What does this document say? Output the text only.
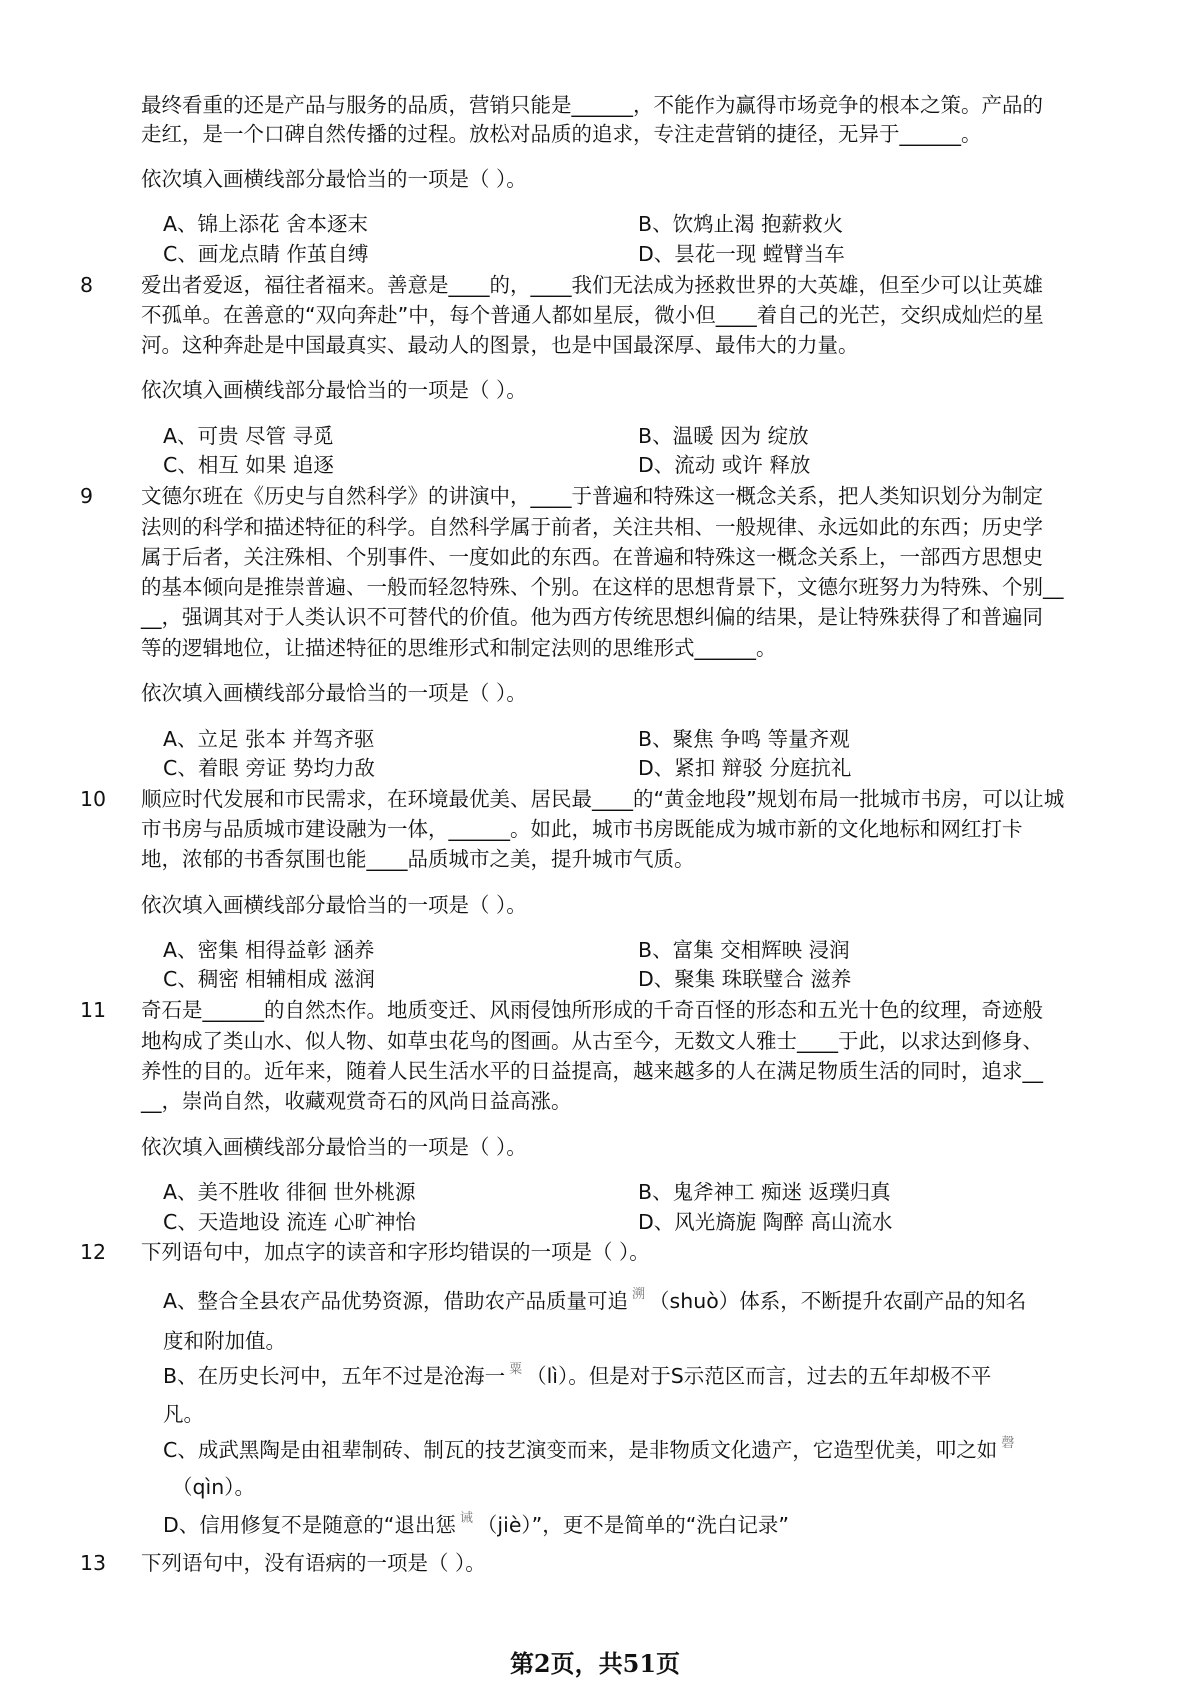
最终看重的还是产品与服务的品质，营销只能是______，不能作为赢得市场竞争的根本之策。产品的
走红，是一个口碑自然传播的过程。放松对品质的追求，专注走营销的捷径，无异于______。
依次填入画横线部分最恰当的一项是（ ）。
A、锦上添花 舍本逐末	B、饮鸩止渴 抱薪救火
C、画龙点睛 作茧自缚	D、昙花一现 螳臂当车
8 爱出者爱返，福往者福来。善意是____的，____我们无法成为拯救世界的大英雄，但至少可以让英雄
不孤单。在善意的“双向奔赴”中，每个普通人都如星辰，微小但____着自己的光芒，交织成灿烂的星
河。这种奔赴是中国最真实、最动人的图景，也是中国最深厚、最伟大的力量。
依次填入画横线部分最恰当的一项是（ ）。
A、可贵 尽管 寻觅	B、温暖 因为 绽放
C、相互 如果 追逐	D、流动 或许 释放
9 文德尔班在《历史与自然科学》的讲演中，____于普遍和特殊这一概念关系，把人类知识划分为制定
法则的科学和描述特征的科学。自然科学属于前者，关注共相、一般规律、永远如此的东西；历史学
属于后者，关注殊相、个别事件、一度如此的东西。在普遍和特殊这一概念关系上，一部西方思想史
的基本倾向是推崇普遍、一般而轻忽特殊、个别。在这样的思想背景下，文德尔班努力为特殊、个别__
__，强调其对于人类认识不可替代的价值。他为西方传统思想纠偏的结果，是让特殊获得了和普遍同
等的逻辑地位，让描述特征的思维形式和制定法则的思维形式______。
依次填入画横线部分最恰当的一项是（ ）。
A、立足 张本 并驾齐驱	B、聚焦 争鸣 等量齐观
C、着眼 旁证 势均力敌	D、紧扣 辩驳 分庭抗礼
10 顺应时代发展和市民需求，在环境最优美、居民最____的“黄金地段”规划布局一批城市书房，可以让城
市书房与品质城市建设融为一体，______。如此，城市书房既能成为城市新的文化地标和网红打卡
地，浓郁的书香氛围也能____品质城市之美，提升城市气质。
依次填入画横线部分最恰当的一项是（ ）。
A、密集 相得益彰 涵养	B、富集 交相辉映 浸润
C、稠密 相辅相成 滋润	D、聚集 珠联璧合 滋养
11 奇石是______的自然杰作。地质变迁、风雨侵蚀所形成的千奇百怪的形态和五光十色的纹理，奇迹般
地构成了类山水、似人物、如草虫花鸟的图画。从古至今，无数文人雅士____于此，以求达到修身、
养性的目的。近年来，随着人民生活水平的日益提高，越来越多的人在满足物质生活的同时，追求__
__，崇尚自然，收藏观赏奇石的风尚日益高涨。
依次填入画横线部分最恰当的一项是（ ）。
A、美不胜收 徘徊 世外桃源	B、鬼斧神工 痴迷 返璞归真
C、天造地设 流连 心旷神怡	D、风光旖旎 陶醉 高山流水
12 下列语句中，加点字的读音和字形均错误的一项是（ ）。
A、整合全县农产品优势资源，借助农产品质量可追 $^溯$ （shuò）体系，不断提升农副产品的知名
度和附加值。
B、在历史长河中，五年不过是沧海一 $^粟$ （lì）。但是对于S示范区而言，过去的五年却极不平
凡。
C、成武黑陶是由祖辈制砖、制瓦的技艺演变而来，是非物质文化遗产，它造型优美，叩之如 $^磬$
（qìn）。
D、信用修复不是随意的“退出惩 $^诫$ （jiè）”，更不是简单的“洗白记录”
13 下列语句中，没有语病的一项是（ ）。
第2页，共51页
